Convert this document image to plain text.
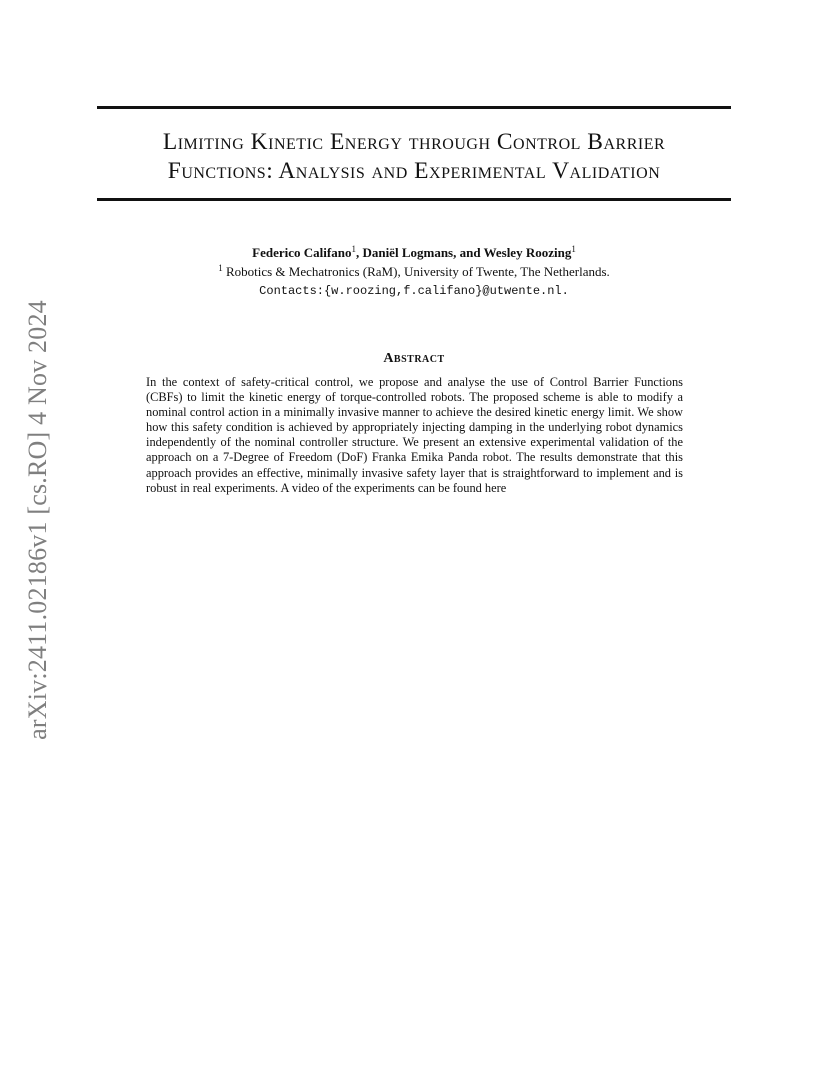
arXiv:2411.02186v1 [cs.RO] 4 Nov 2024
Limiting Kinetic Energy through Control Barrier
Functions: Analysis and Experimental Validation
Federico Califano$^1$, Daniël Logmans, and Wesley Roozing$^1$
$^1$ Robotics & Mechatronics (RaM), University of Twente, The Netherlands.
Contacts:{w.roozing,f.califano}@utwente.nl.
Abstract

In the context of safety-critical control, we propose and analyse the use of Control Barrier Functions (CBFs) to limit the kinetic energy of torque-controlled robots. The proposed scheme is able to modify a nominal control action in a minimally invasive manner to achieve the desired kinetic energy limit. We show how this safety condition is achieved by appropriately injecting damping in the underlying robot dynamics independently of the nominal controller structure. We present an extensive experimental validation of the approach on a 7-Degree of Freedom (DoF) Franka Emika Panda robot. The results demonstrate that this approach provides an effective, minimally invasive safety layer that is straightforward to implement and is robust in real experiments. A video of the experiments can be found here
